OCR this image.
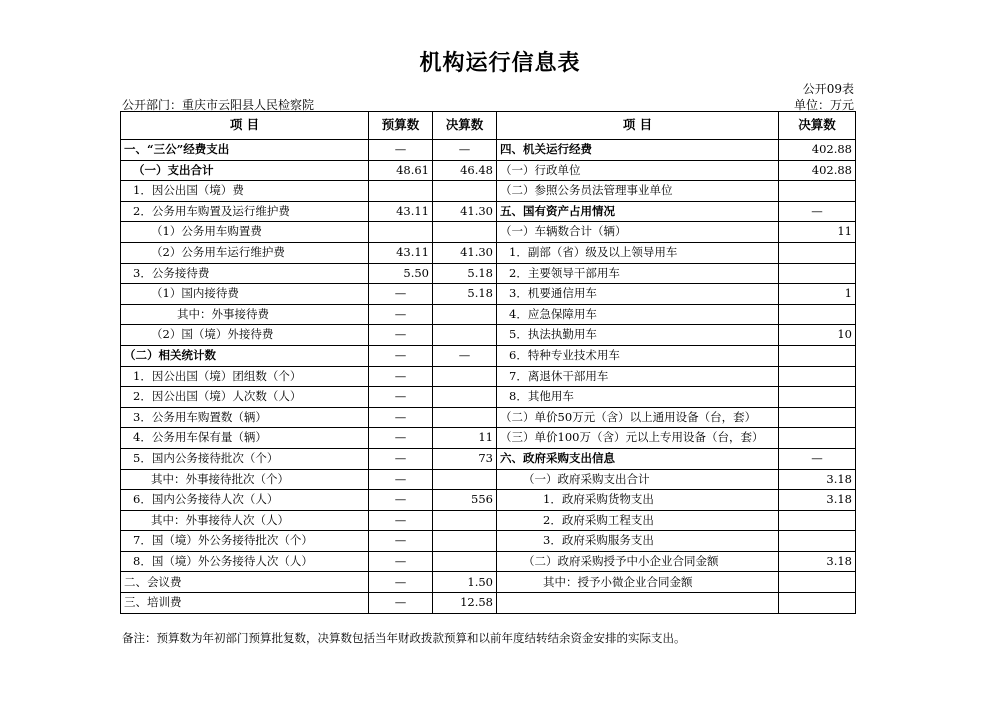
机构运行信息表
公开09表
公开部门：重庆市云阳县人民检察院	单位：万元
项 目	预算数	决算数	项 目	决算数
一、“三公”经费支出	—	—	四、机关运行经费	402.88
（一）支出合计	48.61	46.48	（一）行政单位	402.88
1．因公出国（境）费			（二）参照公务员法管理事业单位	
2．公务用车购置及运行维护费	43.11	41.30	五、国有资产占用情况	—
（1）公务用车购置费			（一）车辆数合计（辆）	11
（2）公务用车运行维护费	43.11	41.30	1．副部（省）级及以上领导用车	
3．公务接待费	5.50	5.18	2．主要领导干部用车	
（1）国内接待费	—	5.18	3．机要通信用车	1
其中：外事接待费	—		4．应急保障用车	
（2）国（境）外接待费	—		5．执法执勤用车	10
（二）相关统计数	—	—	6．特种专业技术用车	
1．因公出国（境）团组数（个）	—		7．离退休干部用车	
2．因公出国（境）人次数（人）	—		8．其他用车	
3．公务用车购置数（辆）	—		（二）单价50万元（含）以上通用设备（台，套）	
4．公务用车保有量（辆）	—	11	（三）单价100万（含）元以上专用设备（台，套）	
5．国内公务接待批次（个）	—	73	六、政府采购支出信息	—
其中：外事接待批次（个）	—		（一）政府采购支出合计	3.18
6．国内公务接待人次（人）	—	556	1．政府采购货物支出	3.18
其中：外事接待人次（人）	—		2．政府采购工程支出	
7．国（境）外公务接待批次（个）	—		3．政府采购服务支出	
8．国（境）外公务接待人次（人）	—		（二）政府采购授予中小企业合同金额	3.18
二、会议费	—	1.50	其中：授予小微企业合同金额	
三、培训费	—	12.58		
备注：预算数为年初部门预算批复数，决算数包括当年财政拨款预算和以前年度结转结余资金安排的实际支出。
